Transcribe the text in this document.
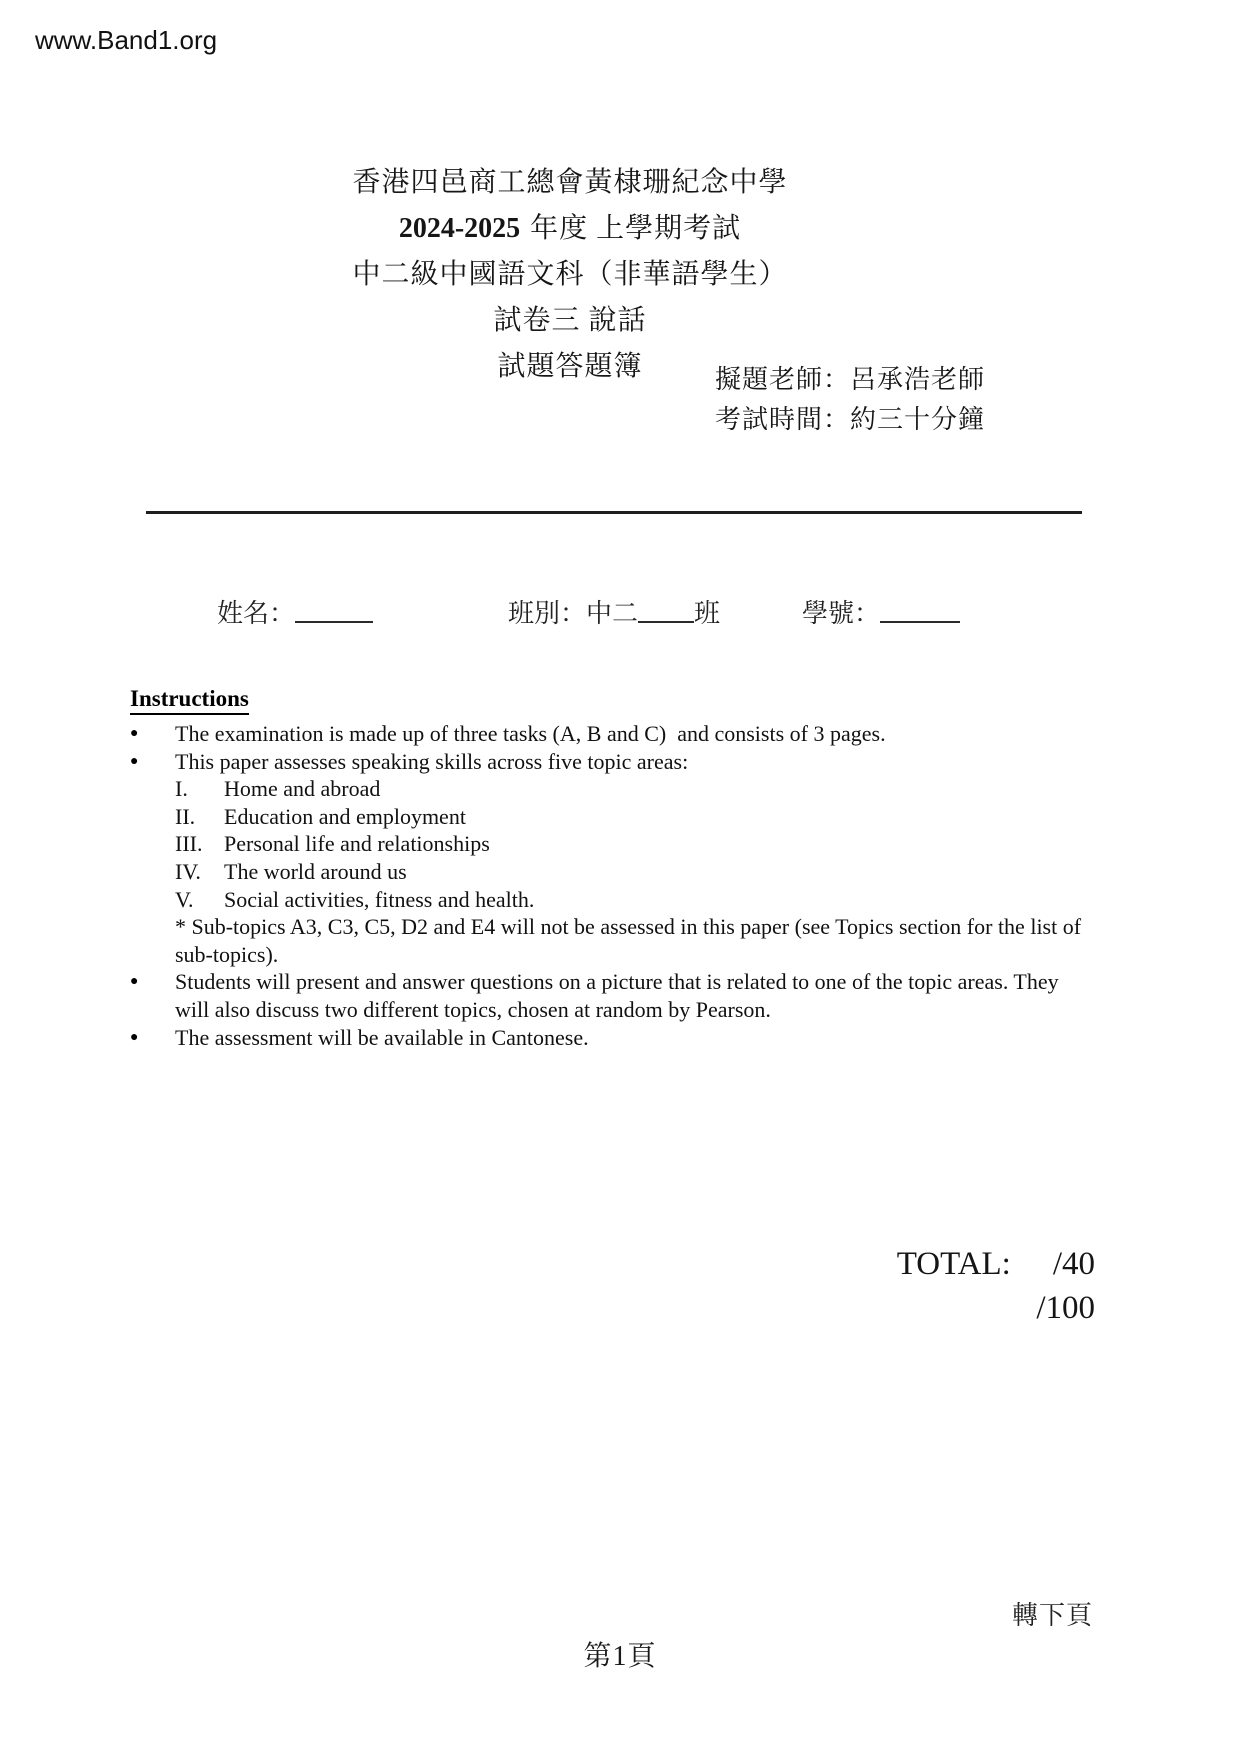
www.Band1.org
香港四邑商工總會黃棣珊紀念中學
2024-2025 年度 上學期考試
中二級中國語文科（非華語學生）
試卷三 說話
試題答題簿	擬題老師：呂承浩老師
考試時間：約三十分鐘
姓名：	班別：中二 班	學號：
Instructions
●	The examination is made up of three tasks (A, B and C)  and consists of 3 pages.
●	This paper assesses speaking skills across five topic areas:
I.	Home and abroad
II.	Education and employment
III. Personal life and relationships
IV.	The world around us
V.	Social activities, fitness and health.
* Sub-topics A3, C3, C5, D2 and E4 will not be assessed in this paper (see Topics section for the list of sub-topics).
●	Students will present and answer questions on a picture that is related to one of the topic areas. They will also discuss two different topics, chosen at random by Pearson.
●	The assessment will be available in Cantonese.
TOTAL: /40
/100
轉下頁
第1頁
